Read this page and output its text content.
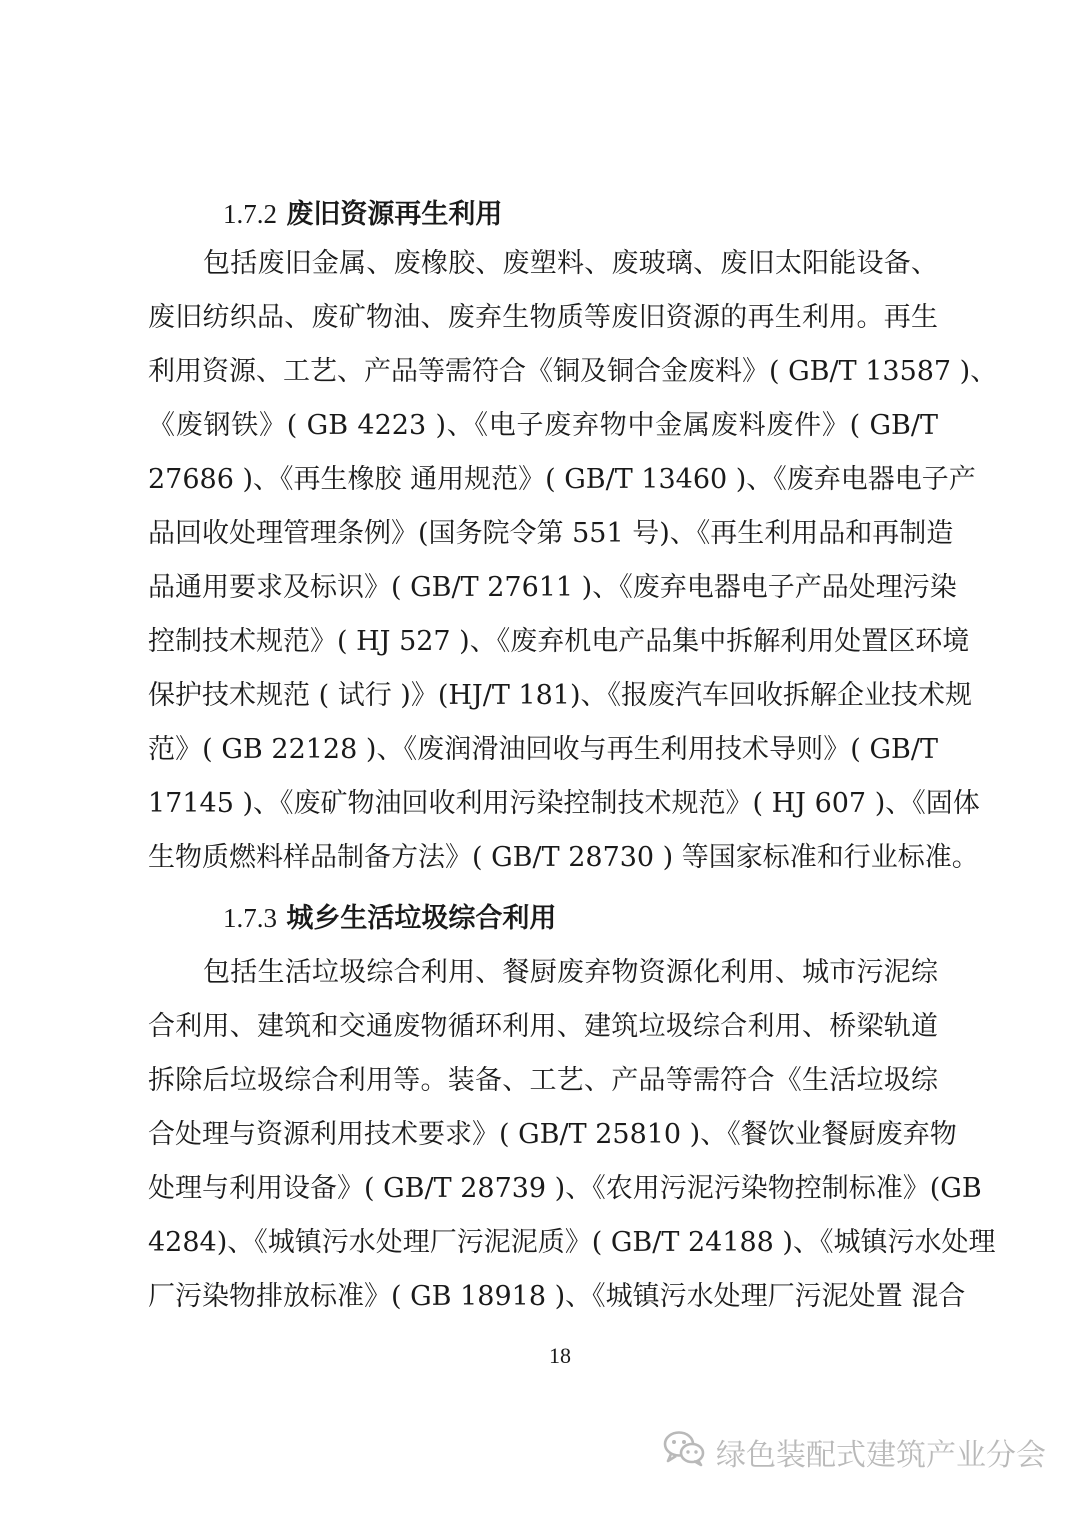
1.7.2 废旧资源再生利用
包括废旧金属、废橡胶、废塑料、废玻璃、废旧太阳能设备、
废旧纺织品、废矿物油、废弃生物质等废旧资源的再生利用。再生
利用资源、工艺、产品等需符合《铜及铜合金废料》( GB/T 13587 )、
《废钢铁》( GB 4223 )、《电子废弃物中金属废料废件》( GB/T
27686 )、《再生橡胶 通用规范》( GB/T 13460 )、《废弃电器电子产
品回收处理管理条例》(国务院令第 551 号)、《再生利用品和再制造
品通用要求及标识》( GB/T 27611 )、《废弃电器电子产品处理污染
控制技术规范》( HJ 527 )、《废弃机电产品集中拆解利用处置区环境
保护技术规范 ( 试行 )》(HJ/T 181)、《报废汽车回收拆解企业技术规
范》( GB 22128 )、《废润滑油回收与再生利用技术导则》( GB/T
17145 )、《废矿物油回收利用污染控制技术规范》( HJ 607 )、《固体
生物质燃料样品制备方法》( GB/T 28730 ) 等国家标准和行业标准。
1.7.3 城乡生活垃圾综合利用
包括生活垃圾综合利用、餐厨废弃物资源化利用、城市污泥综
合利用、建筑和交通废物循环利用、建筑垃圾综合利用、桥梁轨道
拆除后垃圾综合利用等。装备、工艺、产品等需符合《生活垃圾综
合处理与资源利用技术要求》( GB/T 25810 )、《餐饮业餐厨废弃物
处理与利用设备》( GB/T 28739 )、《农用污泥污染物控制标准》(GB
4284)、《城镇污水处理厂污泥泥质》( GB/T 24188 )、《城镇污水处理
厂污染物排放标准》( GB 18918 )、《城镇污水处理厂污泥处置 混合
18
绿色装配式建筑产业分会
